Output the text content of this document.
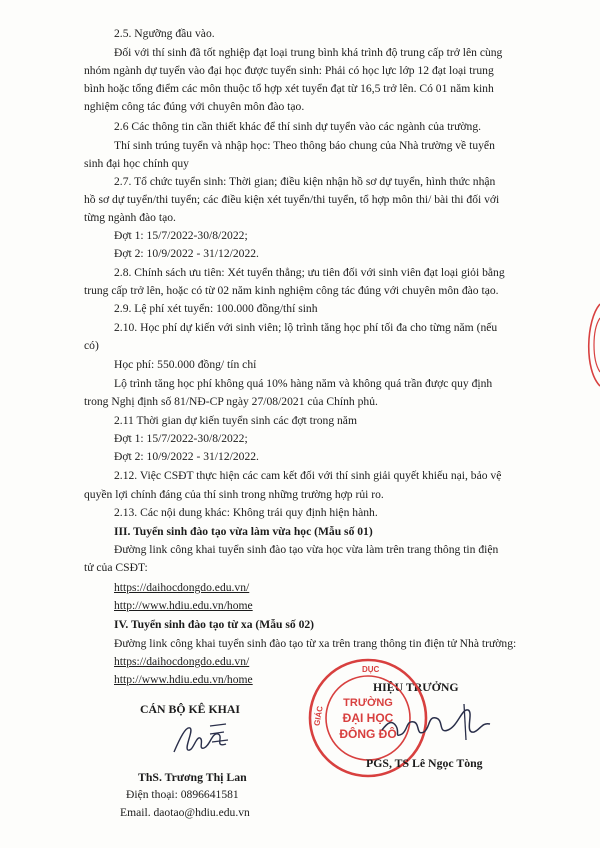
2.5. Ngưỡng đầu vào.
Đối với thí sinh đã tốt nghiệp đạt loại trung bình khá trình độ trung cấp trở lên cùng
nhóm ngành dự tuyển vào đại học được tuyển sinh: Phải có học lực lớp 12 đạt loại trung
bình hoặc tổng điểm các môn thuộc tổ hợp xét tuyển đạt từ 16,5 trở lên. Có 01 năm kinh
nghiệm công tác đúng với chuyên môn đào tạo.
2.6 Các thông tin cần thiết khác để thí sinh dự tuyển vào các ngành của trường.
Thí sinh trúng tuyển và nhập học: Theo thông báo chung của Nhà trường về tuyển
sinh đại học chính quy
2.7. Tổ chức tuyển sinh: Thời gian; điều kiện nhận hồ sơ dự tuyển, hình thức nhận
hồ sơ dự tuyển/thi tuyển; các điều kiện xét tuyển/thi tuyển, tổ hợp môn thi/ bài thi đối với
từng ngành đào tạo.
Đợt 1: 15/7/2022-30/8/2022;
Đợt 2: 10/9/2022 - 31/12/2022.
2.8. Chính sách ưu tiên: Xét tuyển thẳng; ưu tiên đối với sinh viên đạt loại giỏi bằng
trung cấp trở lên, hoặc có từ 02 năm kinh nghiệm công tác đúng với chuyên môn đào tạo.
2.9. Lệ phí xét tuyển: 100.000 đồng/thí sinh
2.10. Học phí dự kiến với sinh viên; lộ trình tăng học phí tối đa cho từng năm (nếu
có)
Học phí: 550.000 đồng/ tín chỉ
Lộ trình tăng học phí không quá 10% hàng năm và không quá trần được quy định
trong Nghị định số 81/NĐ-CP ngày 27/08/2021 của Chính phủ.
2.11 Thời gian dự kiến tuyển sinh các đợt trong năm
Đợt 1: 15/7/2022-30/8/2022;
Đợt 2: 10/9/2022 - 31/12/2022.
2.12. Việc CSĐT thực hiện các cam kết đối với thí sinh giải quyết khiếu nại, bảo vệ
quyền lợi chính đáng của thí sinh trong những trường hợp rủi ro.
2.13. Các nội dung khác: Không trái quy định hiện hành.
III. Tuyển sinh đào tạo vừa làm vừa học (Mẫu số 01)
Đường link công khai tuyển sinh đào tạo vừa học vừa làm trên trang thông tin điện
tử của CSĐT:
https://daihocdongdo.edu.vn/
http://www.hdiu.edu.vn/home
IV. Tuyển sinh đào tạo từ xa (Mẫu số 02)
Đường link công khai tuyển sinh đào tạo từ xa trên trang thông tin điện tử Nhà trường:
https://daihocdongdo.edu.vn/
http://www.hdiu.edu.vn/home
CÁN BỘ KÊ KHAI
ThS. Trương Thị Lan
Điện thoại: 0896641581
Email. daotao@hdiu.edu.vn
HIỆU TRƯỞNG
DỤC
GIÁC
TRƯỜNG
ĐẠI HỌC
ĐÔNG ĐÔ
PGS, TS Lê Ngọc Tòng
